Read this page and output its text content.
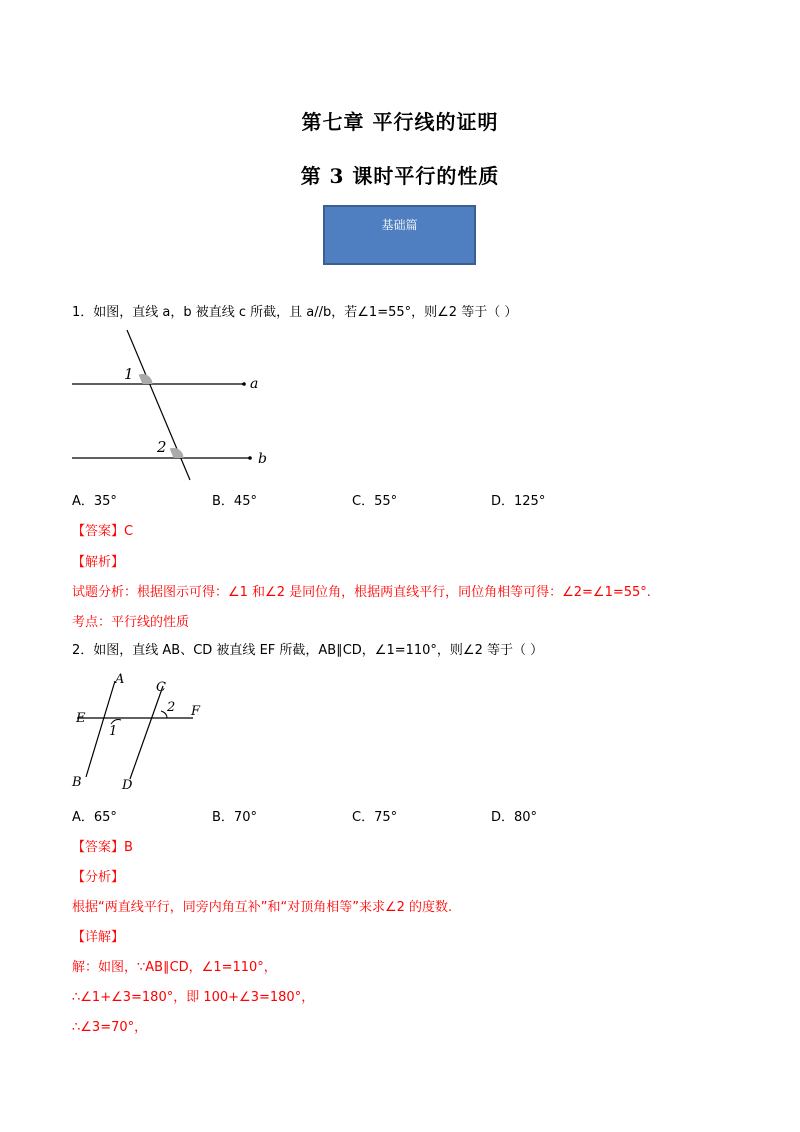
第七章 平行线的证明
第 3 课时平行的性质
基础篇
1．如图，直线 a，b 被直线 c 所截，且 a//b，若∠1=55°，则∠2 等于（ ）
1
2
a
b
A．35°	B．45°	C．55°	D．125°
【答案】C
【解析】
试题分析：根据图示可得：∠1 和∠2 是同位角，根据两直线平行，同位角相等可得：∠2=∠1=55°.
考点：平行线的性质
2．如图，直线 AB、CD 被直线 EF 所截，AB∥CD，∠1=110°，则∠2 等于（ ）
A
C
E	F
2
1
B	D
A．65°	B．70°	C．75°	D．80°
【答案】B
【分析】
根据“两直线平行，同旁内角互补”和“对顶角相等”来求∠2 的度数.
【详解】
解：如图，∵AB∥CD，∠1=110°，
∴∠1+∠3=180°，即 100+∠3=180°，
∴∠3=70°，
